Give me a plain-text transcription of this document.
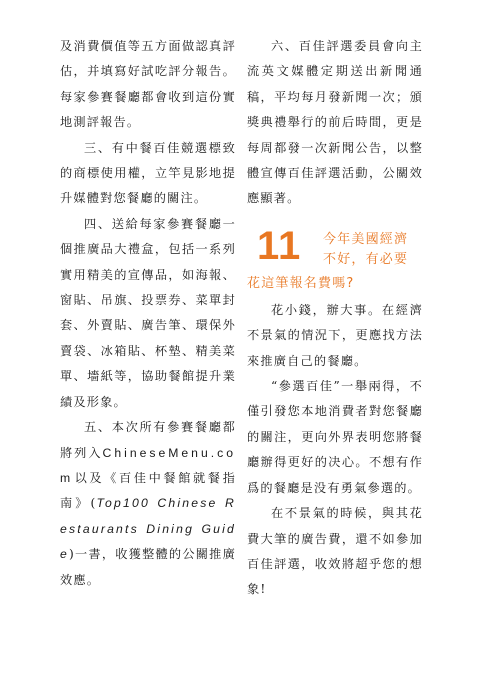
及消費價值等五方面做認真評估，并填寫好試吃評分報告。每家參賽餐廳都會收到這份實地測評報告。

三、有中餐百佳競選標致的商標使用權，立竿見影地提升媒體對您餐廳的關注。

四、送給每家參賽餐廳一個推廣品大禮盒，包括一系列實用精美的宣傳品，如海報、窗貼、吊旗、投票券、菜單封套、外賣貼、廣告筆、環保外賣袋、冰箱貼、杯墊、精美菜單、墻紙等，協助餐館提升業績及形象。

五、本次所有參賽餐廳都將列入ChineseMenu.com以及《百佳中餐館就餐指南》(Top100 Chinese Restaurants Dining Guide)一書，收獲整體的公關推廣效應。

六、百佳評選委員會向主流英文媒體定期送出新聞通稿，平均每月發新聞一次；頒獎典禮舉行的前后時間，更是每周都發一次新聞公告，以整體宣傳百佳評選活動，公關效應顯著。

11 今年美國經濟
不好，有必要
花這筆報名費嗎?

花小錢，辦大事。在經濟不景氣的情況下，更應找方法來推廣自己的餐廳。

“參選百佳”一舉兩得，不僅引發您本地消費者對您餐廳的關注，更向外界表明您將餐廳辦得更好的决心。不想有作爲的餐廳是没有勇氣參選的。

在不景氣的時候，與其花費大筆的廣告費，還不如參加百佳評選，收效將超乎您的想象!
